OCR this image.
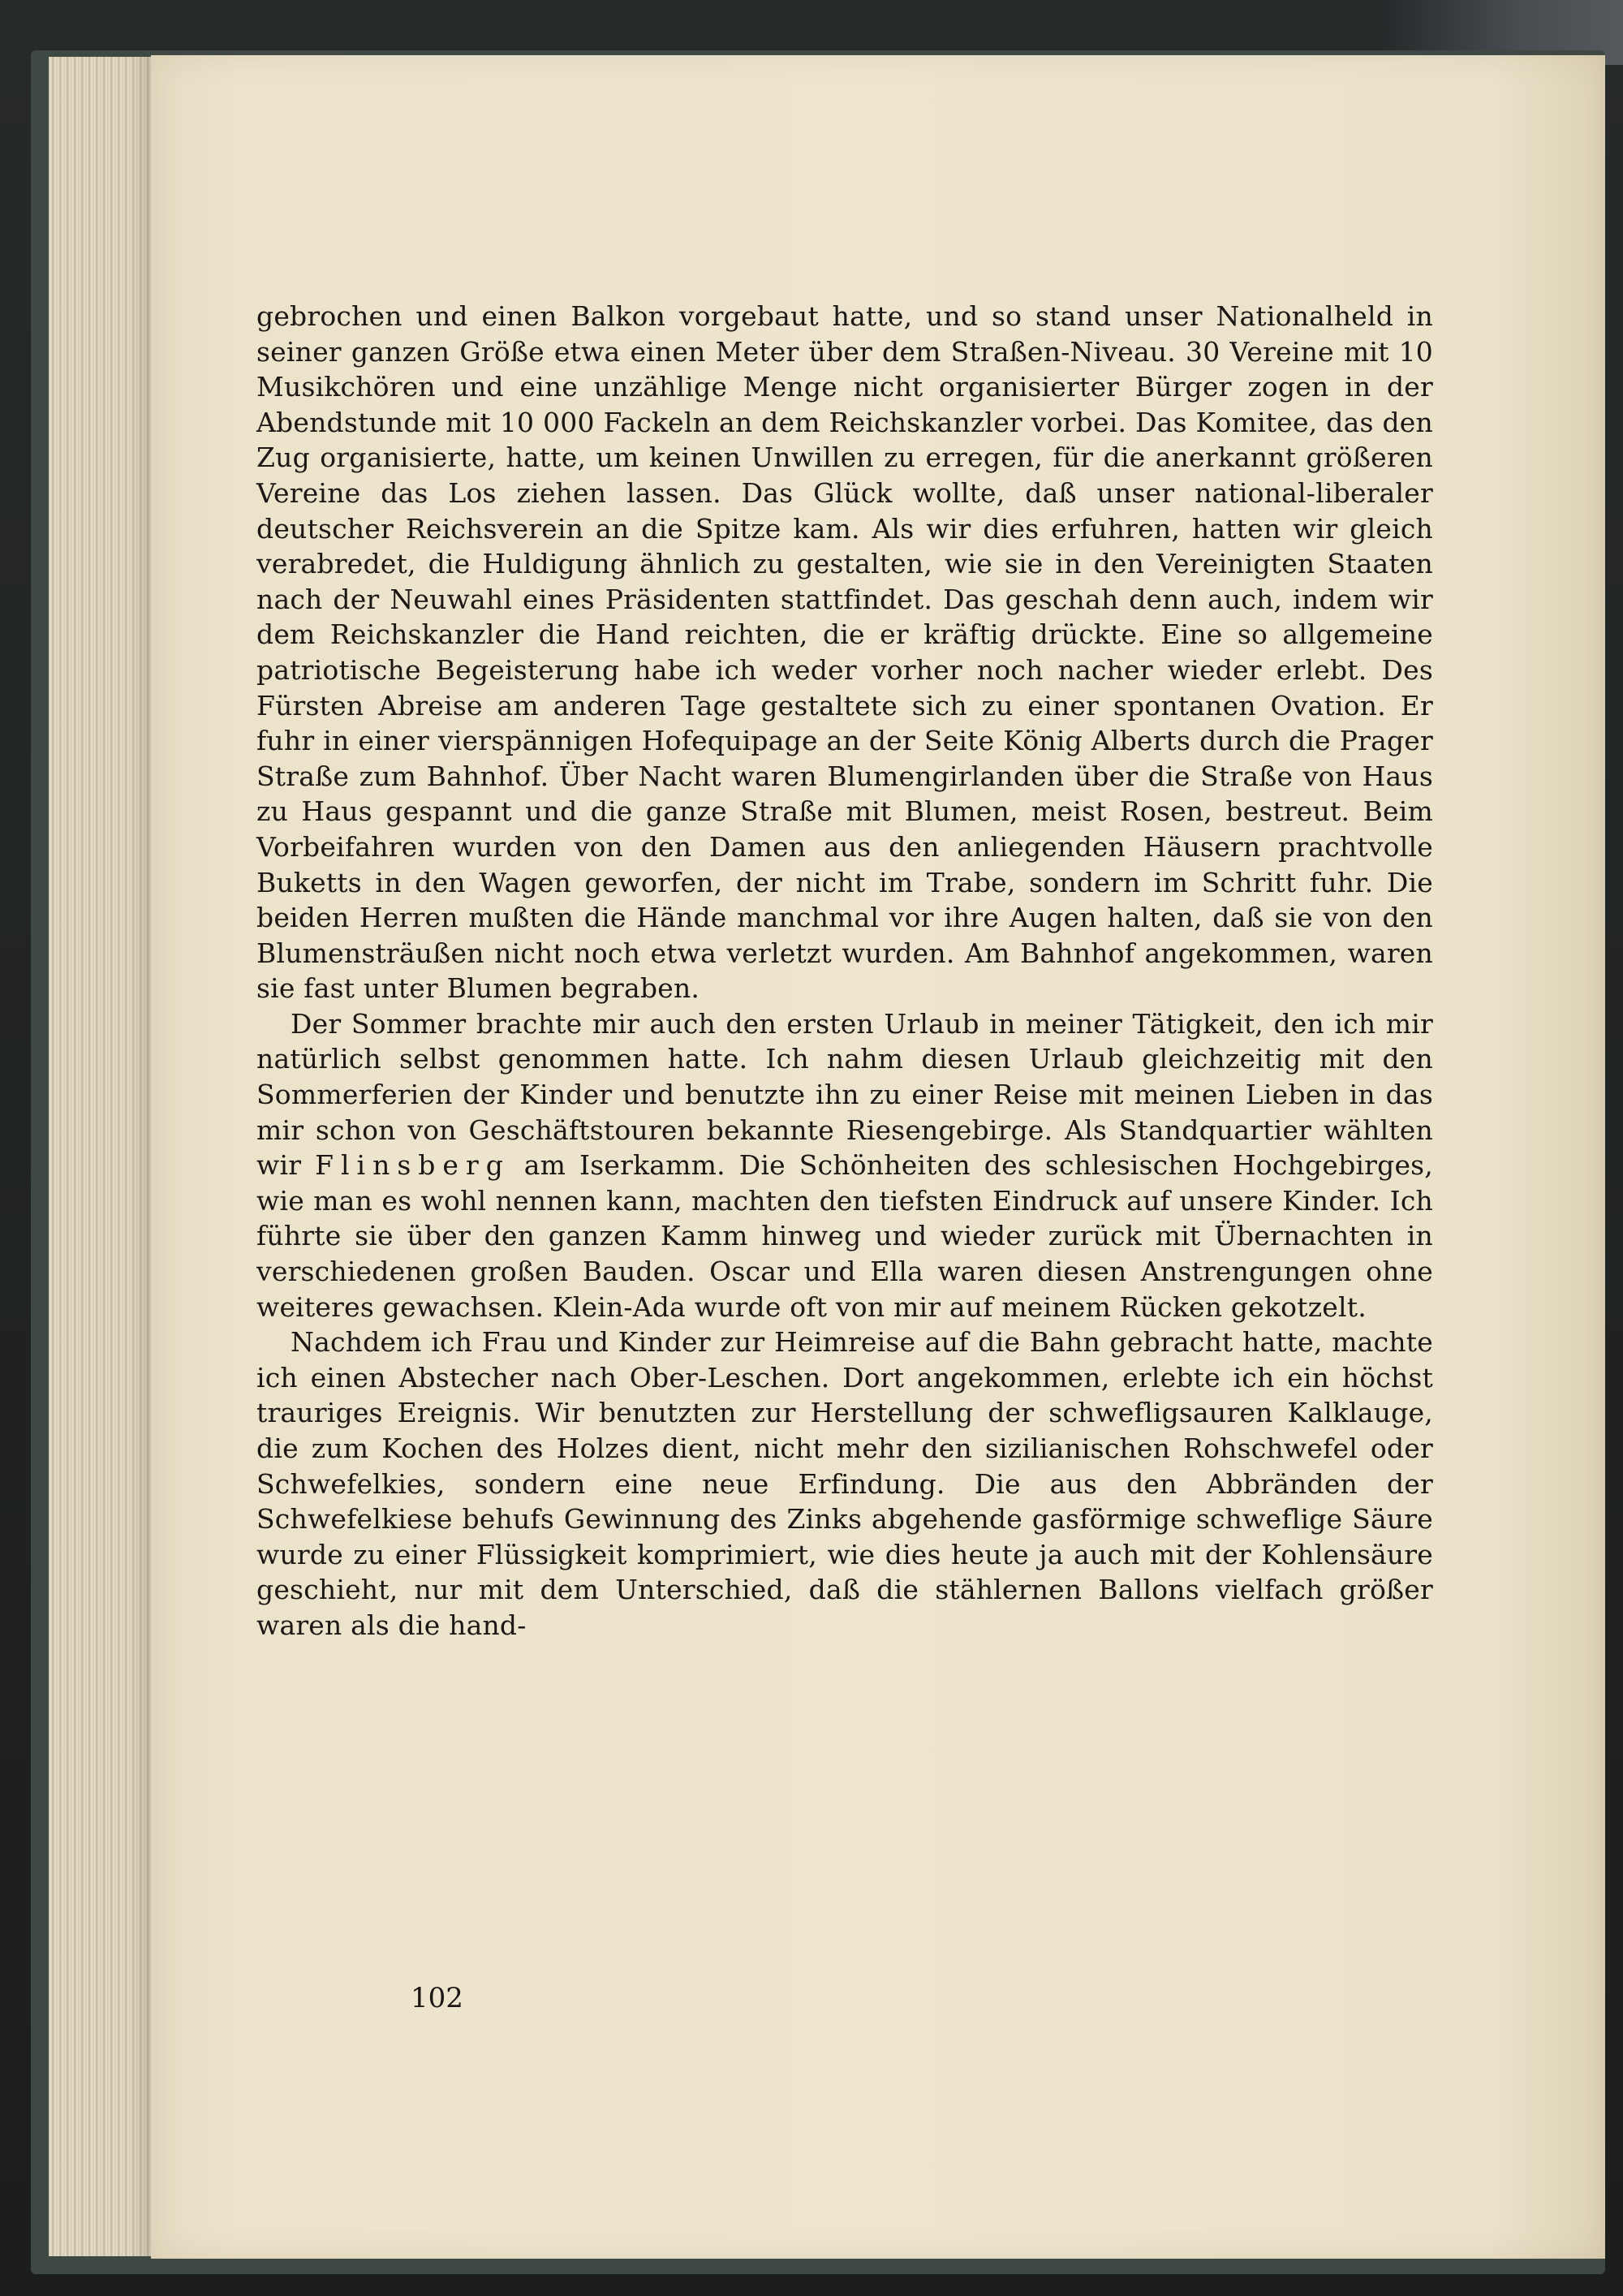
gebrochen und einen Balkon vorgebaut hatte, und so stand unser Nationalheld in seiner ganzen Größe etwa einen Meter über dem Straßen-Niveau. 30 Vereine mit 10 Musikchören und eine unzählige Menge nicht organisierter Bürger zogen in der Abendstunde mit 10 000 Fackeln an dem Reichskanzler vorbei. Das Komitee, das den Zug organisierte, hatte, um keinen Unwillen zu erregen, für die anerkannt größeren Vereine das Los ziehen lassen. Das Glück wollte, daß unser national-liberaler deutscher Reichsverein an die Spitze kam. Als wir dies erfuhren, hatten wir gleich verabredet, die Huldigung ähnlich zu gestalten, wie sie in den Vereinigten Staaten nach der Neuwahl eines Präsidenten stattfindet. Das geschah denn auch, indem wir dem Reichskanzler die Hand reichten, die er kräftig drückte. Eine so allgemeine patriotische Begeisterung habe ich weder vorher noch nacher wieder erlebt. Des Fürsten Abreise am anderen Tage gestaltete sich zu einer spontanen Ovation. Er fuhr in einer vierspännigen Hofequipage an der Seite König Alberts durch die Prager Straße zum Bahnhof. Über Nacht waren Blumengirlanden über die Straße von Haus zu Haus gespannt und die ganze Straße mit Blumen, meist Rosen, bestreut. Beim Vorbeifahren wurden von den Damen aus den anliegenden Häusern prachtvolle Buketts in den Wagen geworfen, der nicht im Trabe, sondern im Schritt fuhr. Die beiden Herren mußten die Hände manchmal vor ihre Augen halten, daß sie von den Blumensträußen nicht noch etwa verletzt wurden. Am Bahnhof angekommen, waren sie fast unter Blumen begraben.

Der Sommer brachte mir auch den ersten Urlaub in meiner Tätigkeit, den ich mir natürlich selbst genommen hatte. Ich nahm diesen Urlaub gleichzeitig mit den Sommerferien der Kinder und benutzte ihn zu einer Reise mit meinen Lieben in das mir schon von Geschäftstouren bekannte Riesengebirge. Als Standquartier wählten wir Flinsberg am Iserkamm. Die Schönheiten des schlesischen Hochgebirges, wie man es wohl nennen kann, machten den tiefsten Eindruck auf unsere Kinder. Ich führte sie über den ganzen Kamm hinweg und wieder zurück mit Übernachten in verschiedenen großen Bauden. Oscar und Ella waren diesen Anstrengungen ohne weiteres gewachsen. Klein-Ada wurde oft von mir auf meinem Rücken gekotzelt.

Nachdem ich Frau und Kinder zur Heimreise auf die Bahn gebracht hatte, machte ich einen Abstecher nach Ober-Leschen. Dort angekommen, erlebte ich ein höchst trauriges Ereignis. Wir benutzten zur Herstellung der schwefligsauren Kalklauge, die zum Kochen des Holzes dient, nicht mehr den sizilianischen Rohschwefel oder Schwefelkies, sondern eine neue Erfindung. Die aus den Abbränden der Schwefelkiese behufs Gewinnung des Zinks abgehende gasförmige schweflige Säure wurde zu einer Flüssigkeit komprimiert, wie dies heute ja auch mit der Kohlensäure geschieht, nur mit dem Unterschied, daß die stählernen Ballons vielfach größer waren als die hand-

102
